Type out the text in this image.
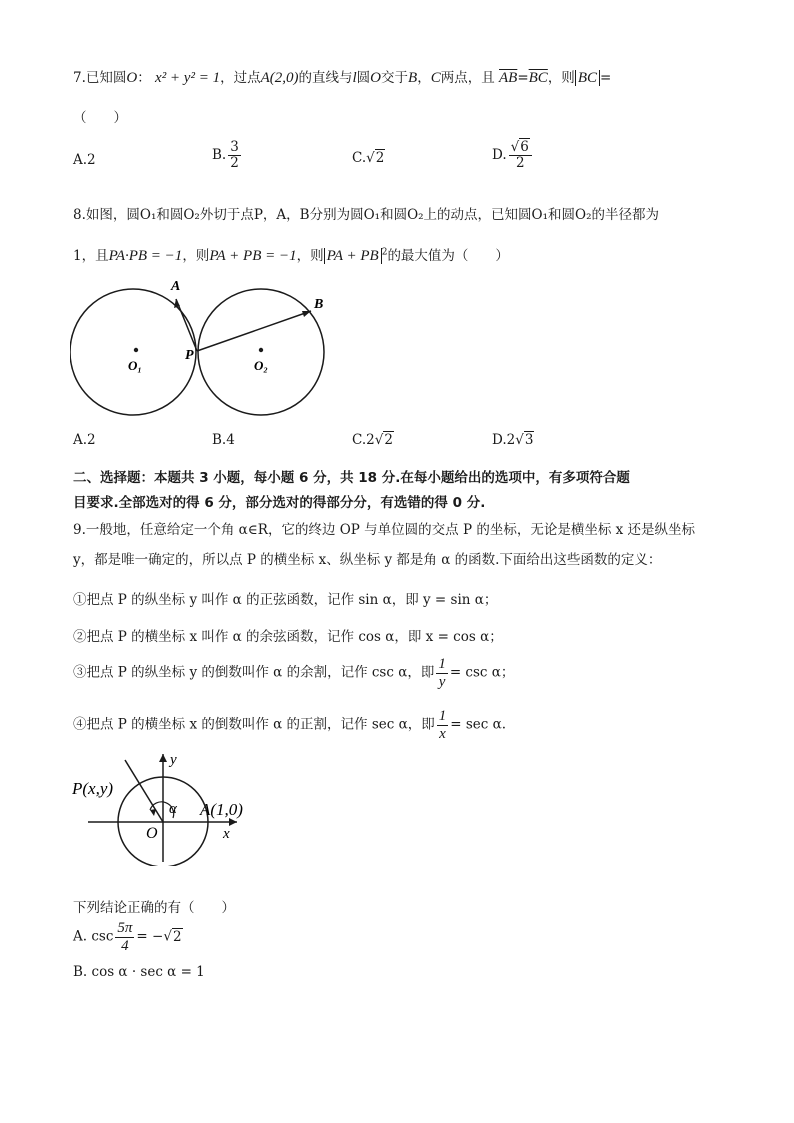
7.已知圆O： x² + y² = 1，过点A(2,0)的直线与l圆O交于B，C两点，且 $\overline{AB}=\overline{BC}$，则 BC =
（　　）
A.2	B. $\frac{3}{2}$	C.√2	D. $\frac{√6}{2}$
8.如图，圆O₁和圆O₂外切于点P，A，B分别为圆O₁和圆O₂上的动点，已知圆O₁和圆O₂的半径都为
1，且PA·PB = −1，则PA + PB = −1，则 PA + PB $^2$的最大值为（　　）
A
B
P
O₁	O₂
A.2	B.4	C.2√2	D.2√3
二、选择题：本题共 3 小题，每小题 6 分，共 18 分.在每小题给出的选项中，有多项符合题
目要求.全部选对的得 6 分，部分选对的得部分分，有选错的得 0 分.
9.一般地，任意给定一个角 α∈R，它的终边 OP 与单位圆的交点 P 的坐标，无论是横坐标 x 还是纵坐标
y，都是唯一确定的，所以点 P 的横坐标 x、纵坐标 y 都是角 α 的函数.下面给出这些函数的定义：
①把点 P 的纵坐标 y 叫作 α 的正弦函数，记作 sin α，即 y = sin α；
②把点 P 的横坐标 x 叫作 α 的余弦函数，记作 cos α，即 x = cos α；
③把点 P 的纵坐标 y 的倒数叫作 α 的余割，记作 csc α，即 $\frac{1}{y} = \csc \alpha$；
④把点 P 的横坐标 x 的倒数叫作 α 的正割，记作 sec α，即 $\frac{1}{x} = \sec \alpha$.
P(x,y)
A(1,0)
O	x
y
α
下列结论正确的有（　　）
A. $\csc \frac{5\pi}{4} = -√2$
B. cos α · sec α = 1
